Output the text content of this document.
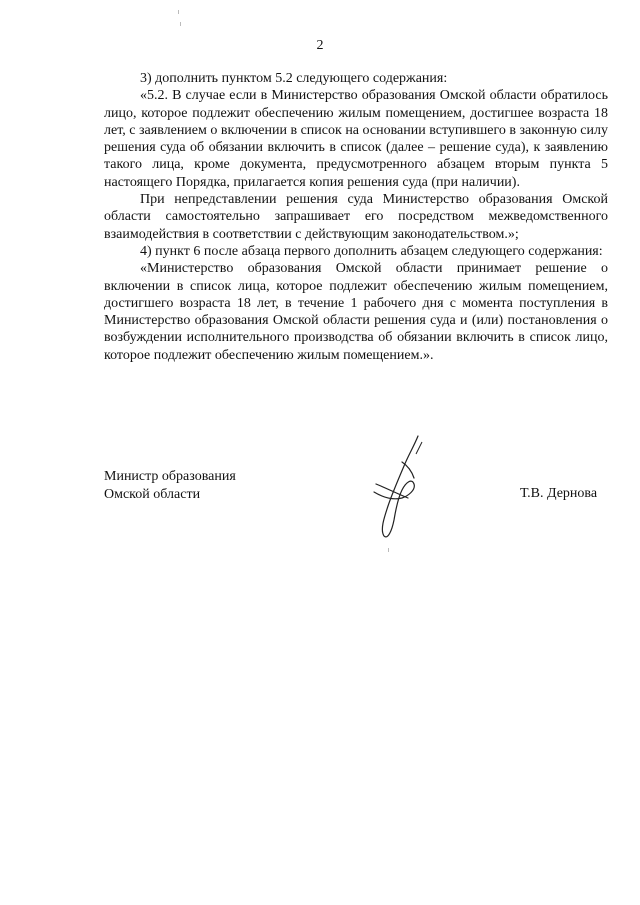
2

3) дополнить пунктом 5.2 следующего содержания:

«5.2. В случае если в Министерство образования Омской области обратилось лицо, которое подлежит обеспечению жилым помещением, достигшее возраста 18 лет, с заявлением о включении в список на основании вступившего в законную силу решения суда об обязании включить в список (далее – решение суда), к заявлению такого лица, кроме документа, предусмотренного абзацем вторым пункта 5 настоящего Порядка, прилагается копия решения суда (при наличии).

При непредставлении решения суда Министерство образования Омской области самостоятельно запрашивает его посредством межведомственного взаимодействия в соответствии с действующим законодательством.»;

4) пункт 6 после абзаца первого дополнить абзацем следующего содержания:

«Министерство образования Омской области принимает решение о включении в список лица, которое подлежит обеспечению жилым помещением, достигшего возраста 18 лет, в течение 1 рабочего дня с момента поступления в Министерство образования Омской области решения суда и (или) постановления о возбуждении исполнительного производства об обязании включить в список лицо, которое подлежит обеспечению жилым помещением.».

Министр образования
Омской области	Т.В. Дернова
